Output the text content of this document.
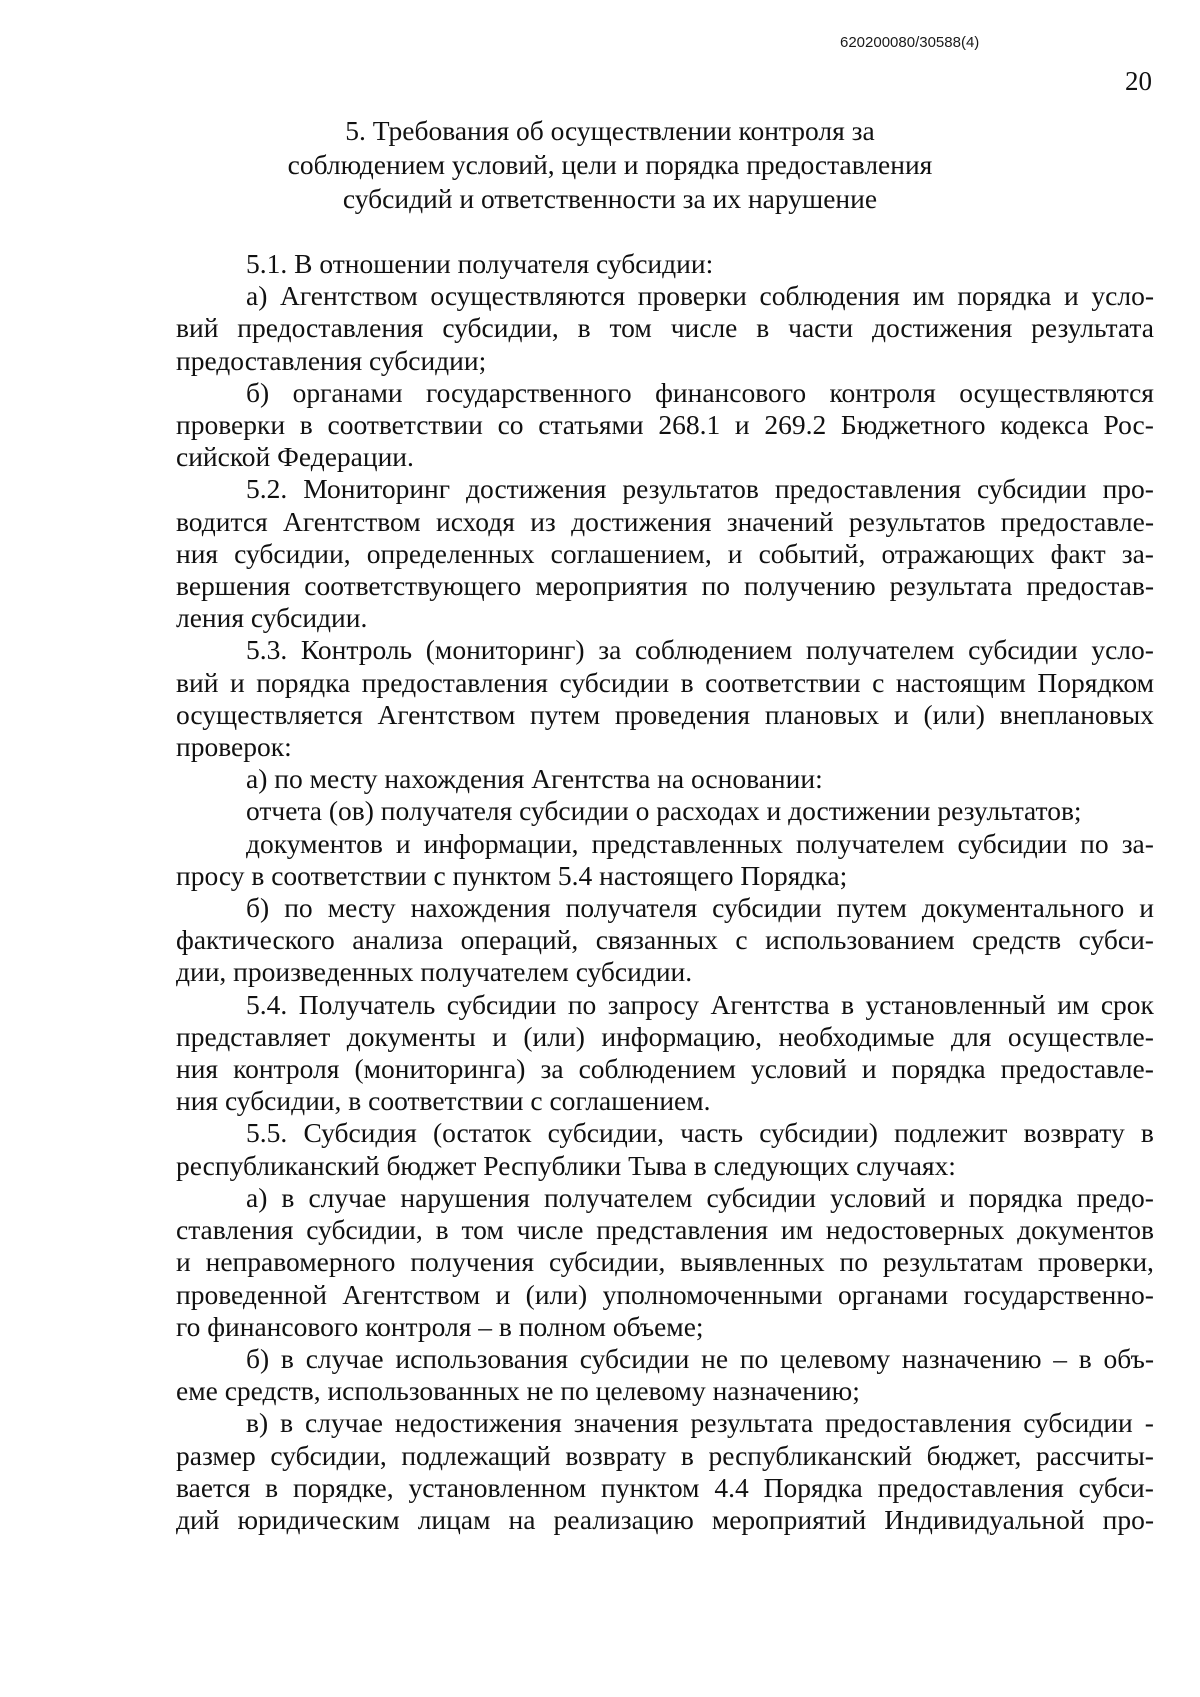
620200080/30588(4)
20
5. Требования об осуществлении контроля за
соблюдением условий, цели и порядка предоставления
субсидий и ответственности за их нарушение
5.1. В отношении получателя субсидии:
а) Агентством осуществляются проверки соблюдения им порядка и усло-
вий предоставления субсидии, в том числе в части достижения результата
предоставления субсидии;
б) органами государственного финансового контроля осуществляются
проверки в соответствии со статьями 268.1 и 269.2 Бюджетного кодекса Рос-
сийской Федерации.
5.2. Мониторинг достижения результатов предоставления субсидии про-
водится Агентством исходя из достижения значений результатов предоставле-
ния субсидии, определенных соглашением, и событий, отражающих факт за-
вершения соответствующего мероприятия по получению результата предостав-
ления субсидии.
5.3. Контроль (мониторинг) за соблюдением получателем субсидии усло-
вий и порядка предоставления субсидии в соответствии с настоящим Порядком
осуществляется Агентством путем проведения плановых и (или) внеплановых
проверок:
а) по месту нахождения Агентства на основании:
отчета (ов) получателя субсидии о расходах и достижении результатов;
документов и информации, представленных получателем субсидии по за-
просу в соответствии с пунктом 5.4 настоящего Порядка;
б) по месту нахождения получателя субсидии путем документального и
фактического анализа операций, связанных с использованием средств субси-
дии, произведенных получателем субсидии.
5.4. Получатель субсидии по запросу Агентства в установленный им срок
представляет документы и (или) информацию, необходимые для осуществле-
ния контроля (мониторинга) за соблюдением условий и порядка предоставле-
ния субсидии, в соответствии с соглашением.
5.5. Субсидия (остаток субсидии, часть субсидии) подлежит возврату в
республиканский бюджет Республики Тыва в следующих случаях:
а) в случае нарушения получателем субсидии условий и порядка предо-
ставления субсидии, в том числе представления им недостоверных документов
и неправомерного получения субсидии, выявленных по результатам проверки,
проведенной Агентством и (или) уполномоченными органами государственно-
го финансового контроля – в полном объеме;
б) в случае использования субсидии не по целевому назначению – в объ-
еме средств, использованных не по целевому назначению;
в) в случае недостижения значения результата предоставления субсидии -
размер субсидии, подлежащий возврату в республиканский бюджет, рассчиты-
вается в порядке, установленном пунктом 4.4 Порядка предоставления субси-
дий юридическим лицам на реализацию мероприятий Индивидуальной про-
